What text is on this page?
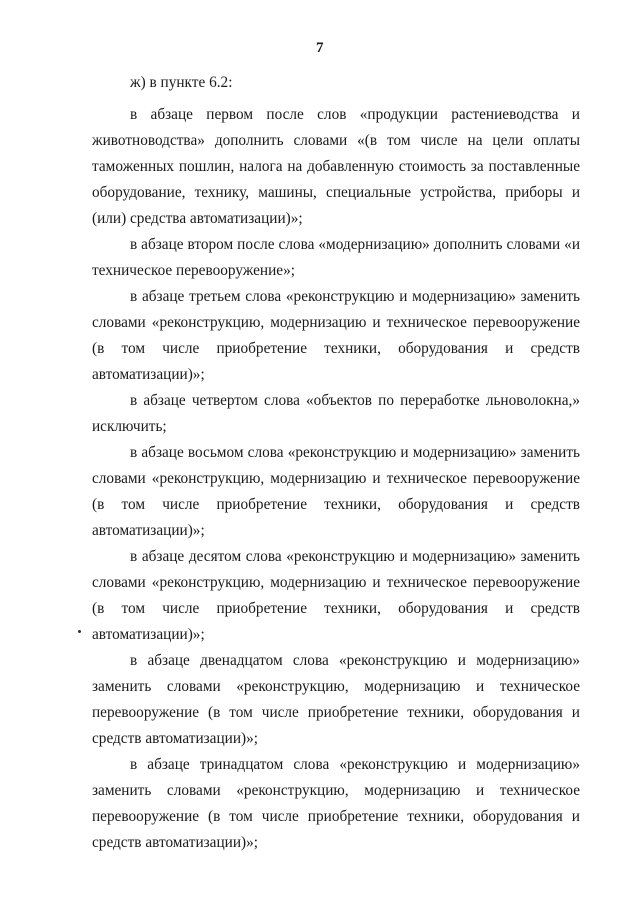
7

ж) в пункте 6.2:

в абзаце первом после слов «продукции растениеводства и животноводства» дополнить словами «(в том числе на цели оплаты таможенных пошлин, налога на добавленную стоимость за поставленные оборудование, технику, машины, специальные устройства, приборы и (или) средства автоматизации)»;

в абзаце втором после слова «модернизацию» дополнить словами «и техническое перевооружение»;

в абзаце третьем слова «реконструкцию и модернизацию» заменить словами «реконструкцию, модернизацию и техническое перевооружение (в том числе приобретение техники, оборудования и средств автоматизации)»;

в абзаце четвертом слова «объектов по переработке льноволокна,» исключить;

в абзаце восьмом слова «реконструкцию и модернизацию» заменить словами «реконструкцию, модернизацию и техническое перевооружение (в том числе приобретение техники, оборудования и средств автоматизации)»;

в абзаце десятом слова «реконструкцию и модернизацию» заменить словами «реконструкцию, модернизацию и техническое перевооружение (в том числе приобретение техники, оборудования и средств автоматизации)»;

в абзаце двенадцатом слова «реконструкцию и модернизацию» заменить словами «реконструкцию, модернизацию и техническое перевооружение (в том числе приобретение техники, оборудования и средств автоматизации)»;

в абзаце тринадцатом слова «реконструкцию и модернизацию» заменить словами «реконструкцию, модернизацию и техническое перевооружение (в том числе приобретение техники, оборудования и средств автоматизации)»;
